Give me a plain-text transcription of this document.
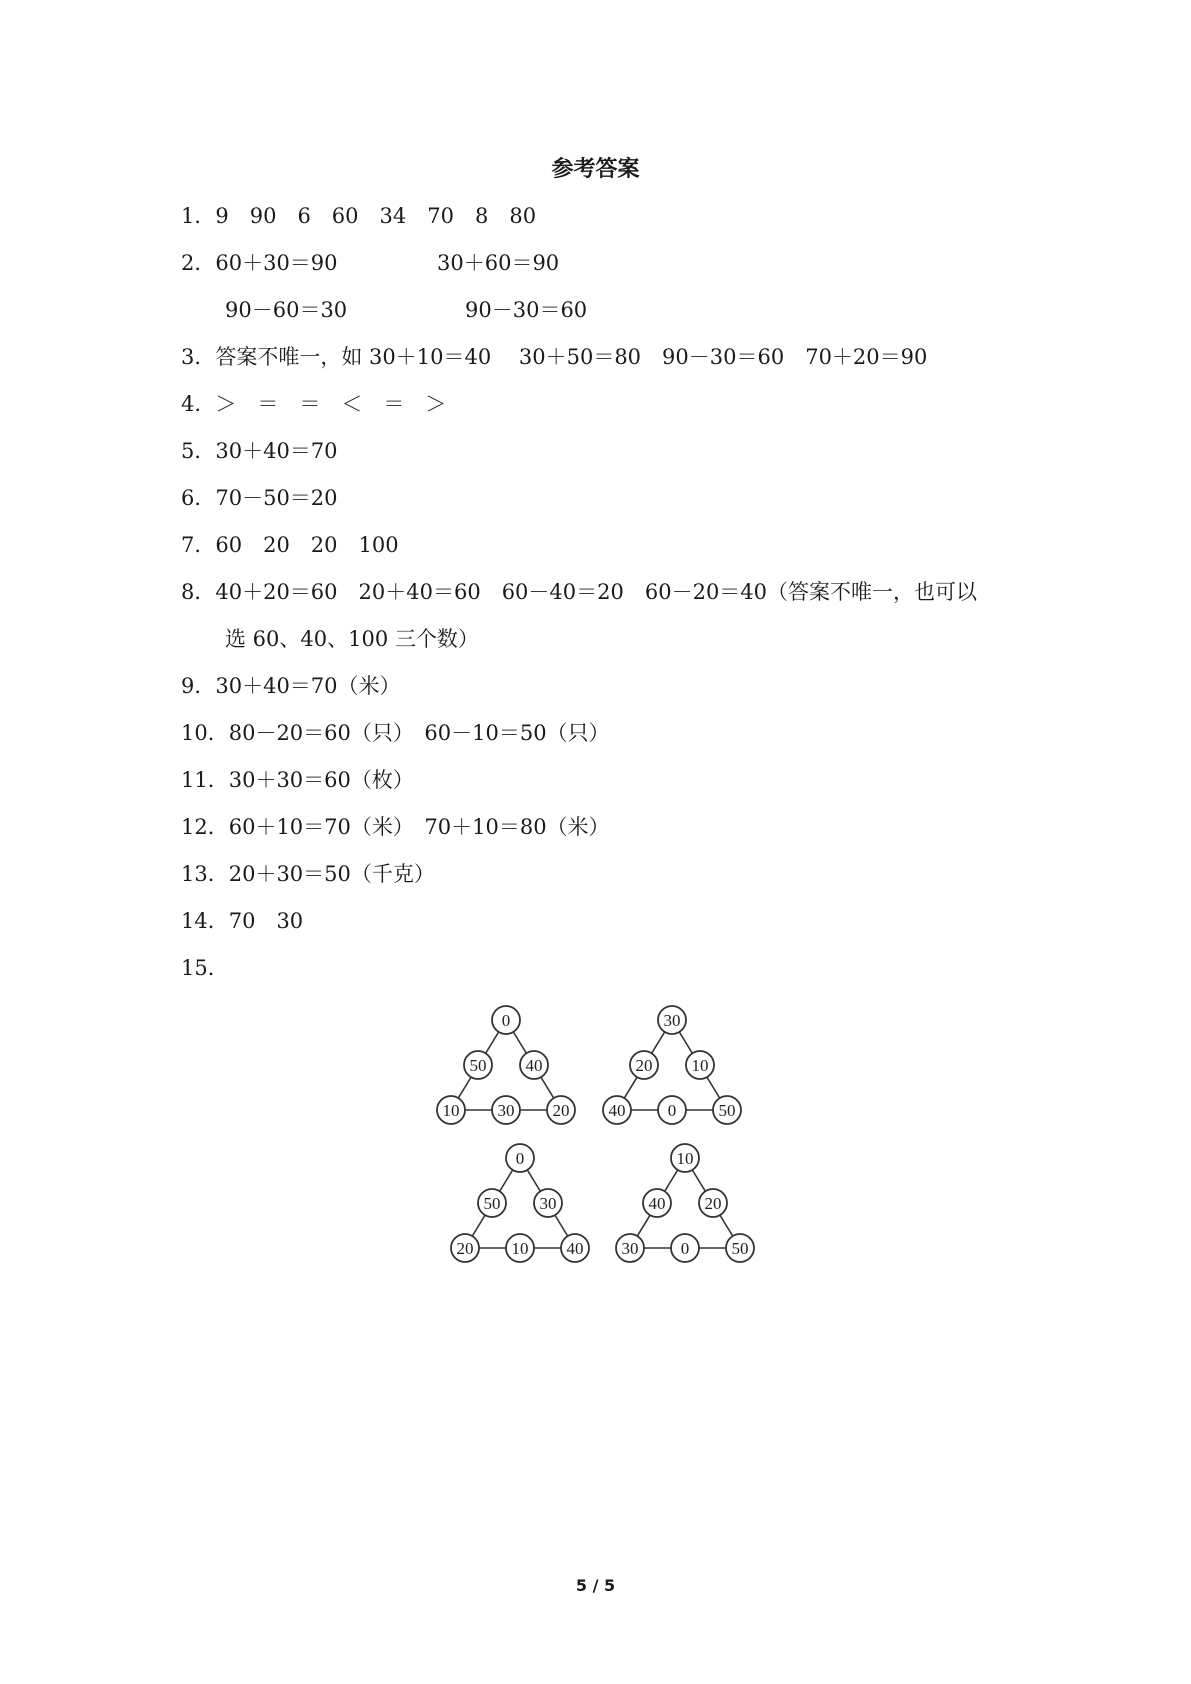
参考答案
1．9　90　6　60　34　70　8　80
2．60＋30＝90	30＋60＝90
90－60＝30	90－30＝60
3．答案不唯一，如 30＋10＝40　 30＋50＝80　90－30＝60　70＋20＝90
4．＞　＝　＝　＜　＝　＞
5．30＋40＝70
6．70－50＝20
7．60　20　20　100
8．40＋20＝60　20＋40＝60　60－40＝20　60－20＝40（答案不唯一，也可以
选 60、40、100 三个数）
9．30＋40＝70（米）
10．80－20＝60（只）　60－10＝50（只）
11．30＋30＝60（枚）
12．60＋10＝70（米）　70＋10＝80（米）
13．20＋30＝50（千克）
14．70　30
15．
0
50 40
10 30 20
30
20 10
40 0 50
0
50 30
20 10 40
10
40 20
30 0 50
5 / 5
